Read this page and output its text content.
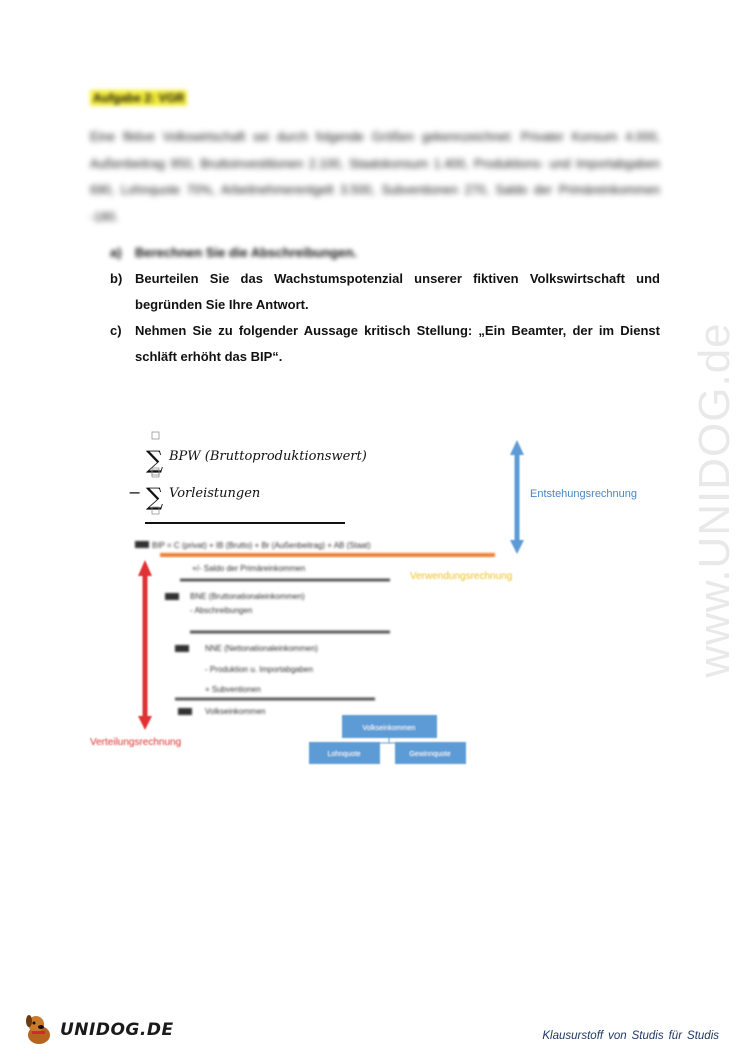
www.UNIDOG.de
Aufgabe 2: VGR
Eine fiktive Volkswirtschaft sei durch folgende Größen gekennzeichnet: Privater Konsum 4.000, Außenbeitrag 950, Bruttoinvestitionen 2.100, Staatskonsum 1.400, Produktions- und Importabgaben 690, Lohnquote 70%, Arbeitnehmerentgelt 3.500, Subventionen 270, Saldo der Primäreinkommen -180.
a) Berechnen Sie die Abschreibungen.
b) Beurteilen Sie das Wachstumspotenzial unserer fiktiven Volkswirtschaft und begründen Sie Ihre Antwort.
c) Nehmen Sie zu folgender Aussage kritisch Stellung: „Ein Beamter, der im Dienst schläft erhöht das BIP“.
∑ BPW (Bruttoproduktionswert)
− ∑ Vorleistungen	Entstehungsrechnung
BIP = C (privat) + IB (Brutto) + Br (Außenbeitrag) + AB (Staat)
Verwendungsrechnung
Verteilungsrechnung
+/- Saldo der Primäreinkommen
BNE (Bruttonationaleinkommen)
- Abschreibungen
NNE (Nettonationaleinkommen)
- Produktion u. Importabgaben
+ Subventionen
Volkseinkommen
Volkseinkommen
Lohnquote	Gewinnquote
UNIDOG.DE	Klausurstoff von Studis für Studis
